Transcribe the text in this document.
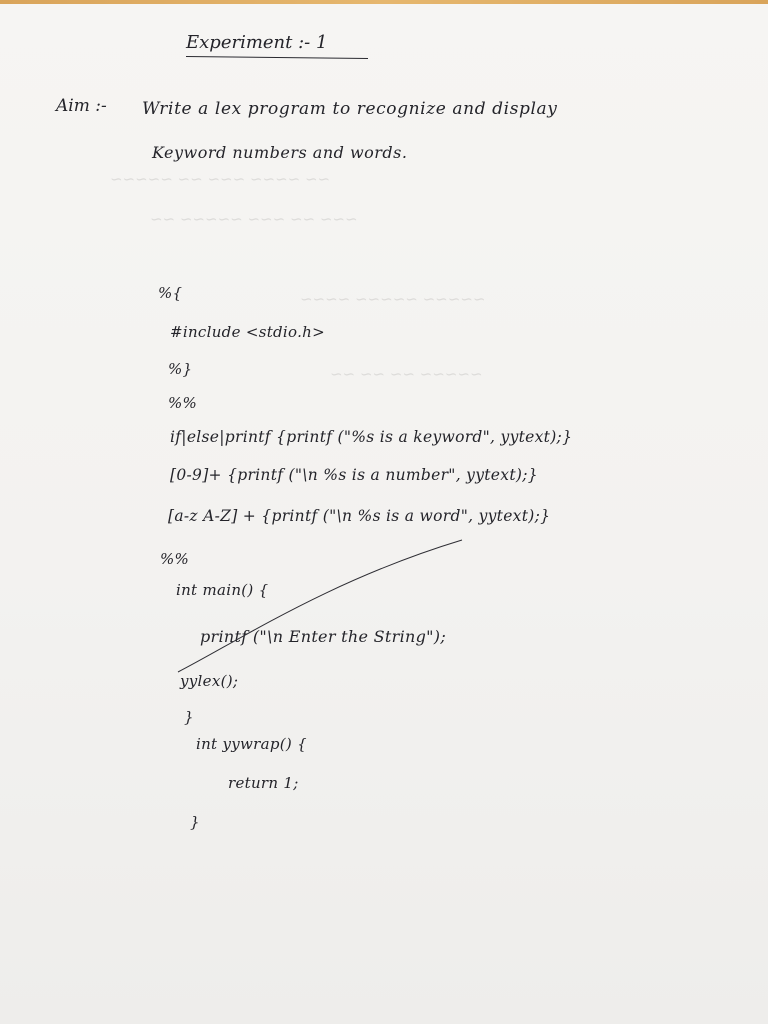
~~ ~~~~ ~~~ ~~ ~~~~~
~~~ ~~ ~~~ ~~~~~ ~~
~~~~~ ~~~~~ ~~~~
~~~~~ ~~ ~~ ~~
Experiment :- 1
Aim :- Write a lex program to recognize and display
Keyword numbers and words.
%{
#include <stdio.h>
%}
%%
if|else|printf {printf ("%s is a keyword", yytext);}
[0-9]+ {printf ("\n %s is a number", yytext);}
[a-z A-Z] + {printf ("\n %s is a word", yytext);}
%%
int main() {
printf ("\n Enter the String");
yylex();
}
int yywrap() {
return 1;
}
